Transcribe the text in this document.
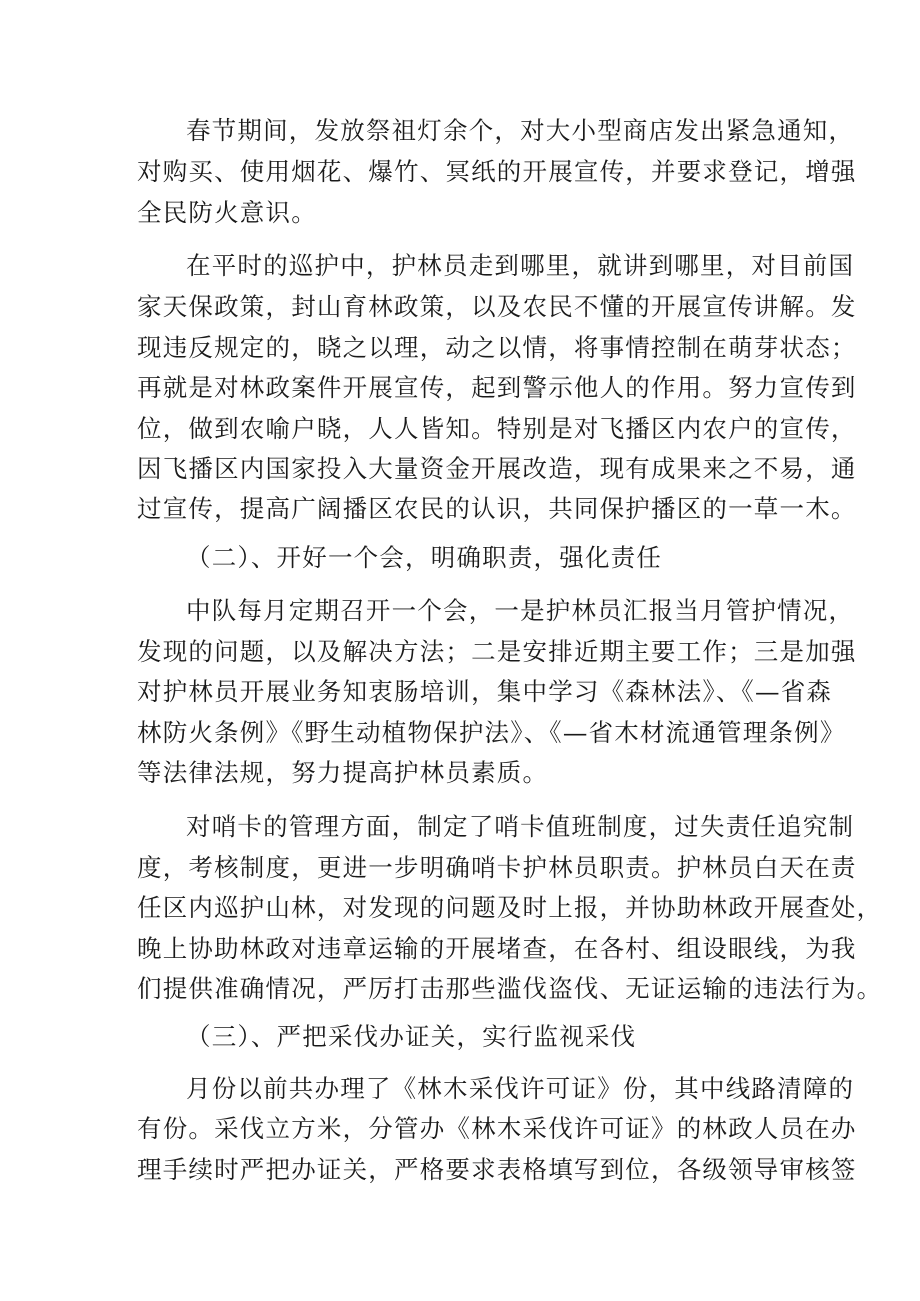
春节期间，发放祭祖灯余个，对大小型商店发出紧急通知，
对购买、使用烟花、爆竹、冥纸的开展宣传，并要求登记，增强
全民防火意识。
在平时的巡护中，护林员走到哪里，就讲到哪里，对目前国
家天保政策，封山育林政策，以及农民不懂的开展宣传讲解。发
现违反规定的，晓之以理，动之以情，将事情控制在萌芽状态；
再就是对林政案件开展宣传，起到警示他人的作用。努力宣传到
位，做到农喻户晓，人人皆知。特别是对飞播区内农户的宣传，
因飞播区内国家投入大量资金开展改造，现有成果来之不易，通
过宣传，提高广阔播区农民的认识，共同保护播区的一草一木。
（二）、开好一个会，明确职责，强化责任
中队每月定期召开一个会，一是护林员汇报当月管护情况，
发现的问题，以及解决方法；二是安排近期主要工作；三是加强
对护林员开展业务知衷肠培训，集中学习《森林法》、《—省森
林防火条例》《野生动植物保护法》、《—省木材流通管理条例》
等法律法规，努力提高护林员素质。
对哨卡的管理方面，制定了哨卡值班制度，过失责任追究制
度，考核制度，更进一步明确哨卡护林员职责。护林员白天在责
任区内巡护山林，对发现的问题及时上报，并协助林政开展查处，
晚上协助林政对违章运输的开展堵查，在各村、组设眼线，为我
们提供准确情况，严厉打击那些滥伐盗伐、无证运输的违法行为。
（三）、严把采伐办证关，实行监视采伐
月份以前共办理了《林木采伐许可证》份，其中线路清障的
有份。采伐立方米，分管办《林木采伐许可证》的林政人员在办
理手续时严把办证关，严格要求表格填写到位，各级领导审核签
